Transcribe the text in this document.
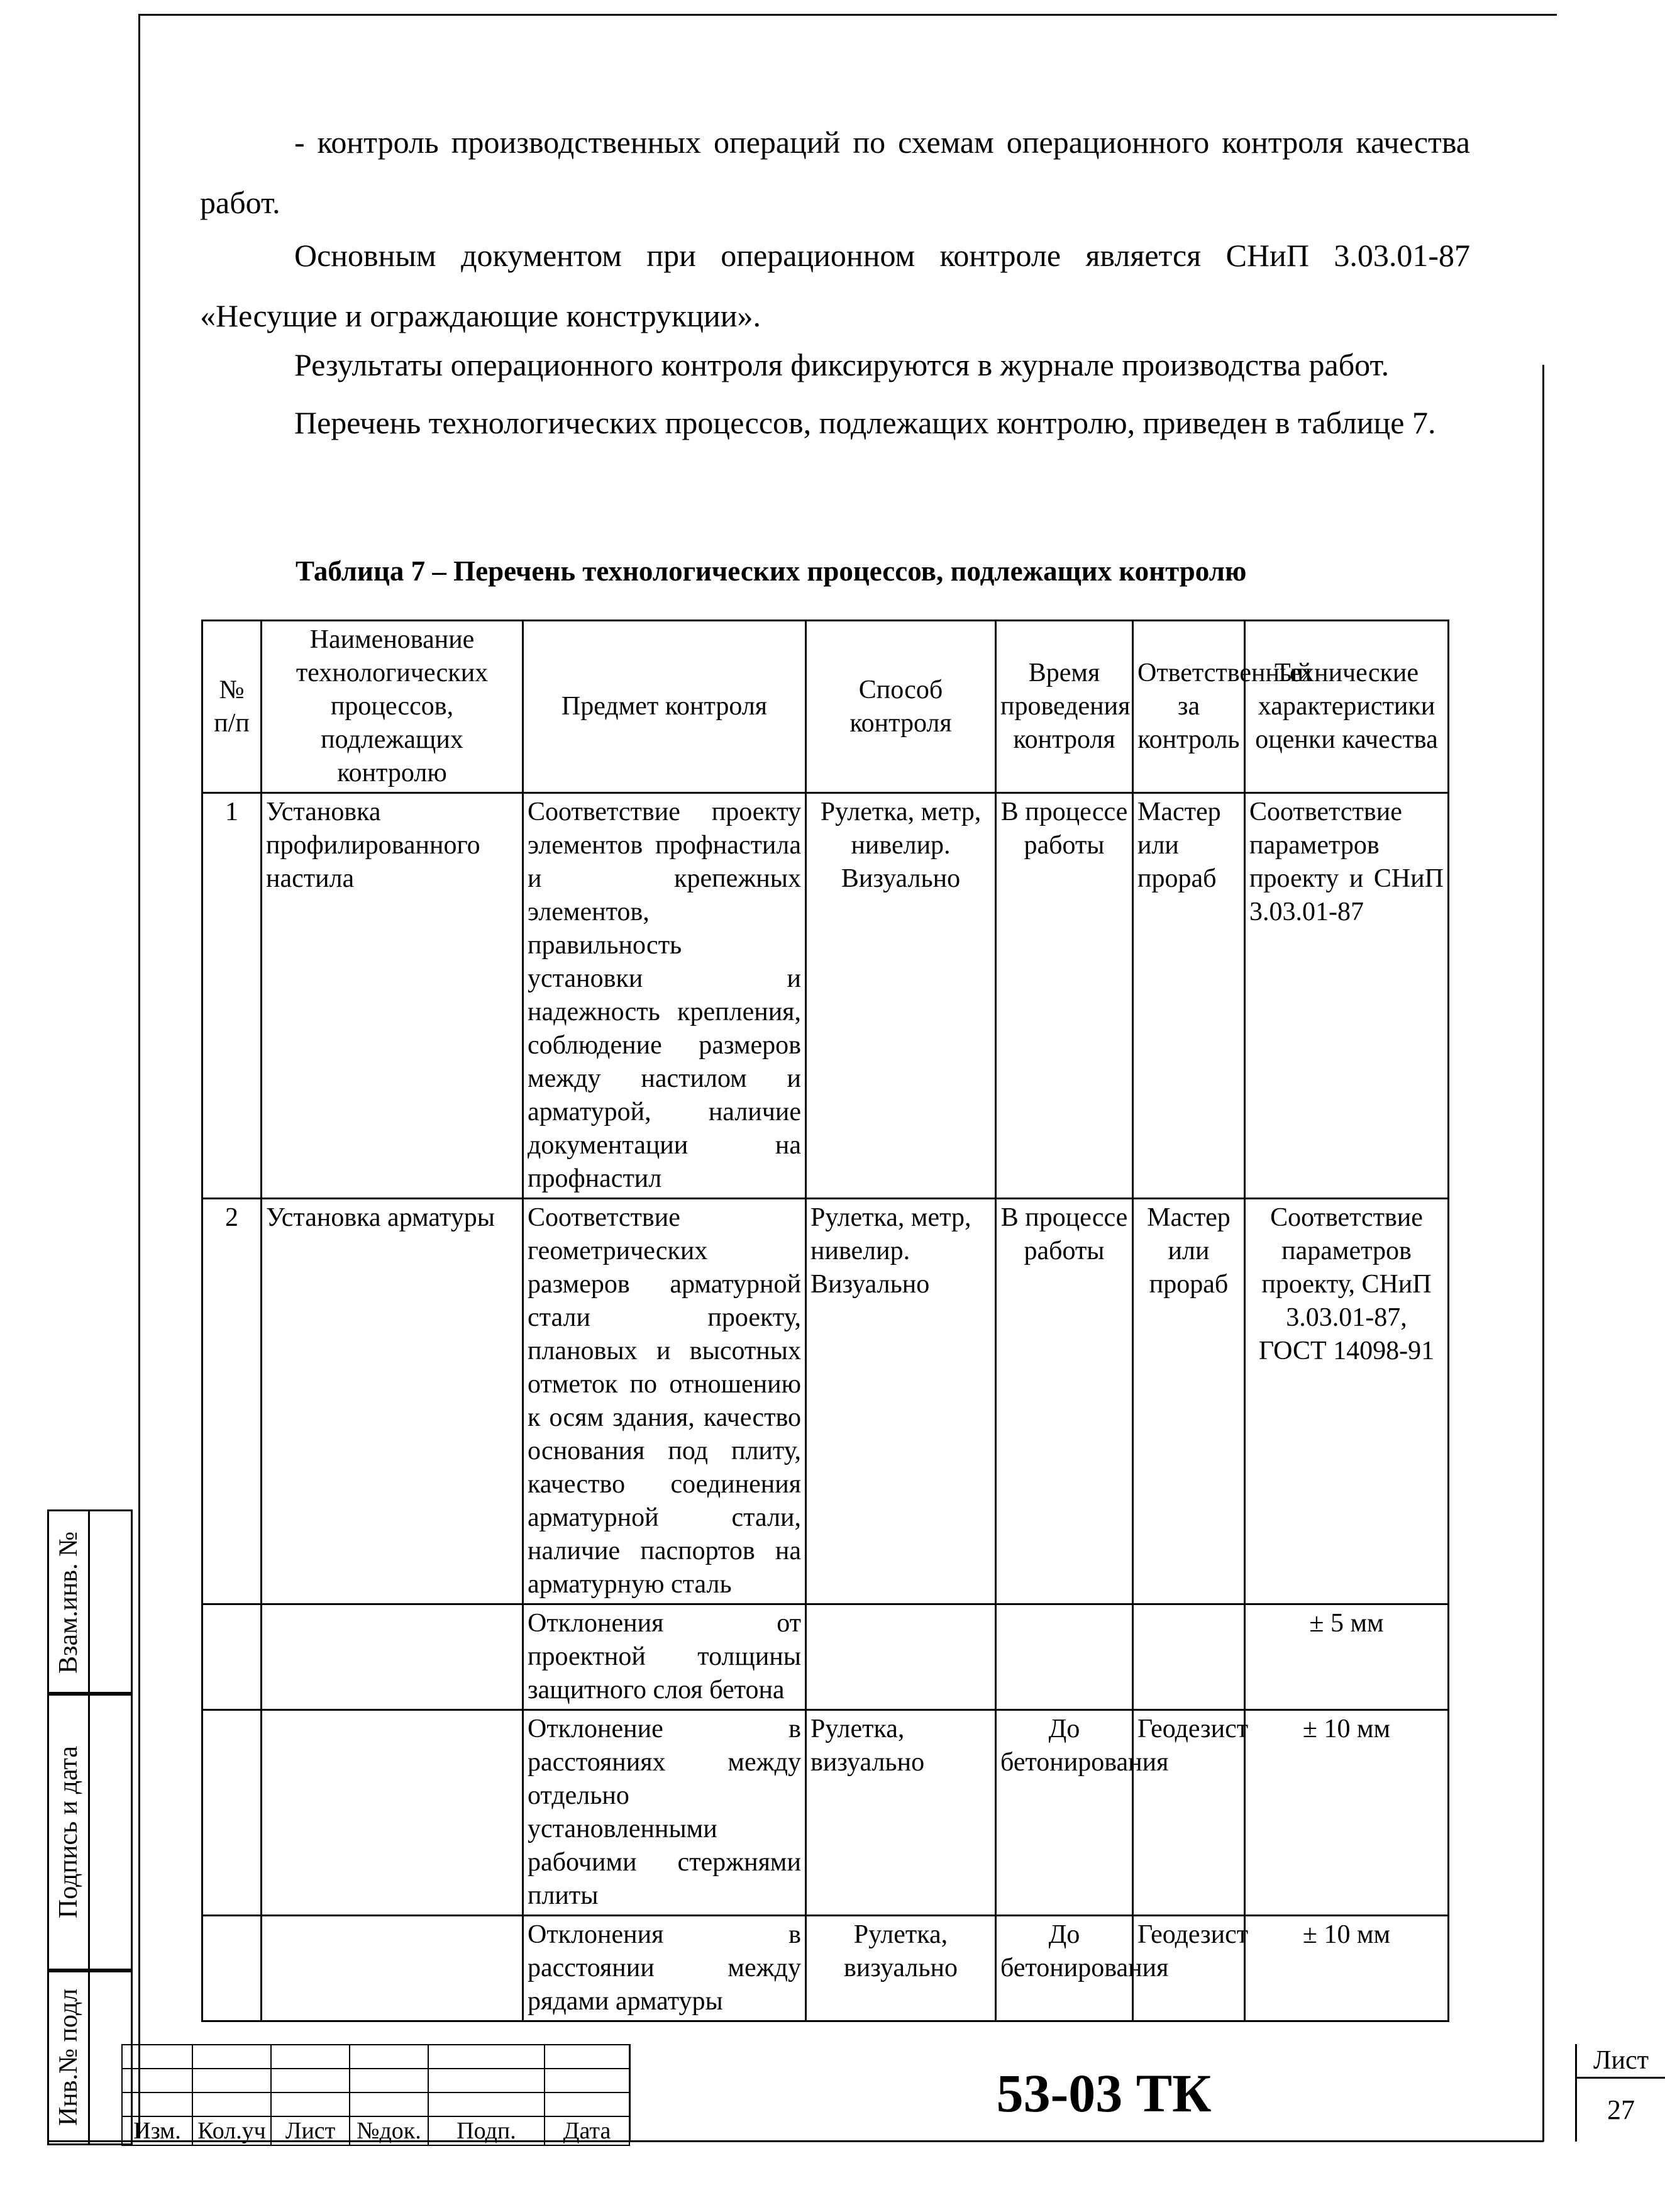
- контроль производственных операций по схемам операционного контроля качества работ.
Основным документом при операционном контроле является СНиП 3.03.01-87 «Несущие и ограждающие конструкции».
Результаты операционного контроля фиксируются в журнале производства работ.
Перечень технологических процессов, подлежащих контролю, приведен в таблице 7.
Таблица 7 – Перечень технологических процессов, подлежащих контролю
№ п/п	Наименование технологических процессов, подлежащих контролю	Предмет контроля	Способ контроля	Время проведения контроля	Ответственный за контроль	Технические характеристики оценки качества
1	Установка профилированного настила	Соответствие проекту элементов профнастила и крепежных элементов, правильность установки и надежность крепления, соблюдение размеров между настилом и арматурой, наличие документации на профнастил	Рулетка, метр, нивелир. Визуально	В процессе работы	Мастер или прораб	Соответствие параметров проекту и СНиП 3.03.01-87
2	Установка арматуры	Соответствие геометрических размеров арматурной стали проекту, плановых и высотных отметок по отношению к осям здания, качество основания под плиту, качество соединения арматурной стали, наличие паспортов на арматурную сталь	Рулетка, метр, нивелир. Визуально	В процессе работы	Мастер или прораб	Соответствие параметров проекту, СНиП 3.03.01-87, ГОСТ 14098-91
		Отклонения от проектной толщины защитного слоя бетона				± 5 мм
		Отклонение в расстояниях между отдельно установленными рабочими стержнями плиты	Рулетка, визуально	До бетонирования	Геодезист	± 10 мм
		Отклонения в расстоянии между рядами арматуры	Рулетка, визуально	До бетонирования	Геодезист	± 10 мм
Взам.инв. №
Подпись и дата
Инв.№ подл

Изм.	Кол.уч	Лист	№док.	Подп.	Дата
53-03 ТК
Лист
27
